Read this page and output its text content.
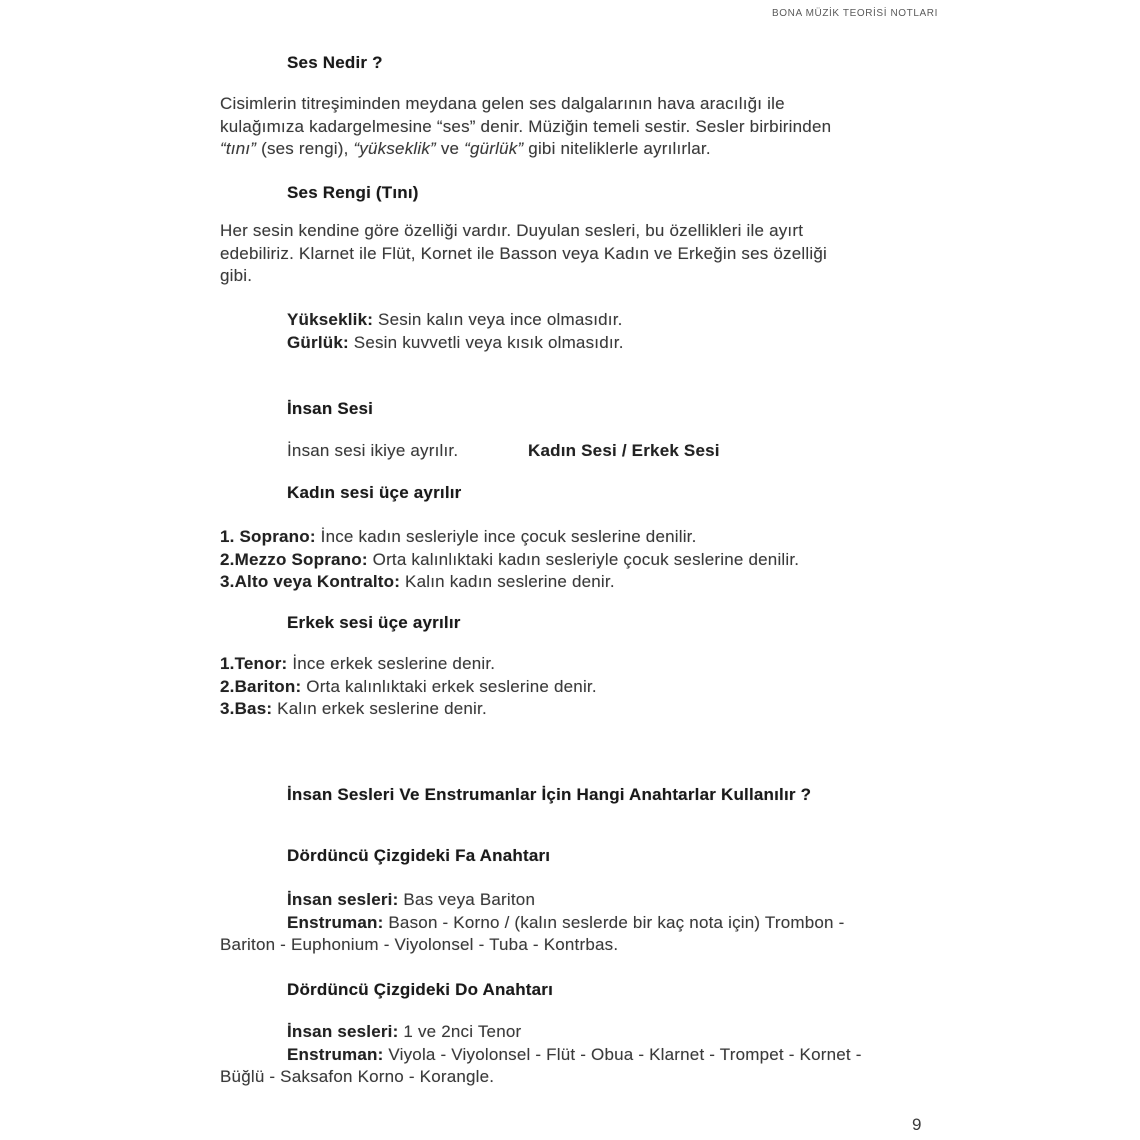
BONA MÜZİK TEORİSİ NOTLARI
Ses Nedir ?
Cisimlerin titreşiminden meydana gelen ses dalgalarının hava aracılığı ile
kulağımıza kadargelmesine “ses” denir. Müziğin temeli sestir. Sesler birbirinden
“tını” (ses rengi), “yükseklik” ve “gürlük” gibi niteliklerle ayrılırlar.
Ses Rengi (Tını)
Her sesin kendine göre özelliği vardır. Duyulan sesleri, bu özellikleri ile ayırt
edebiliriz. Klarnet ile Flüt, Kornet ile Basson veya Kadın ve Erkeğin ses özelliği
gibi.
Yükseklik: Sesin kalın veya ince olmasıdır.
Gürlük: Sesin kuvvetli veya kısık olmasıdır.
İnsan Sesi
İnsan sesi ikiye ayrılır.	Kadın Sesi / Erkek Sesi
Kadın sesi üçe ayrılır
1. Soprano: İnce kadın sesleriyle ince çocuk seslerine denilir.
2.Mezzo Soprano: Orta kalınlıktaki kadın sesleriyle çocuk seslerine denilir.
3.Alto veya Kontralto: Kalın kadın seslerine denir.
Erkek sesi üçe ayrılır
1.Tenor: İnce erkek seslerine denir.
2.Bariton: Orta kalınlıktaki erkek seslerine denir.
3.Bas: Kalın erkek seslerine denir.
İnsan Sesleri Ve Enstrumanlar İçin Hangi Anahtarlar Kullanılır ?
Dördüncü Çizgideki Fa Anahtarı
İnsan sesleri: Bas veya Bariton
Enstruman: Bason - Korno / (kalın seslerde bir kaç nota için) Trombon -
Bariton - Euphonium - Viyolonsel - Tuba - Kontrbas.
Dördüncü Çizgideki Do Anahtarı
İnsan sesleri: 1 ve 2nci Tenor
Enstruman: Viyola - Viyolonsel - Flüt - Obua - Klarnet - Trompet - Kornet -
Büğlü - Saksafon Korno - Korangle.
9
